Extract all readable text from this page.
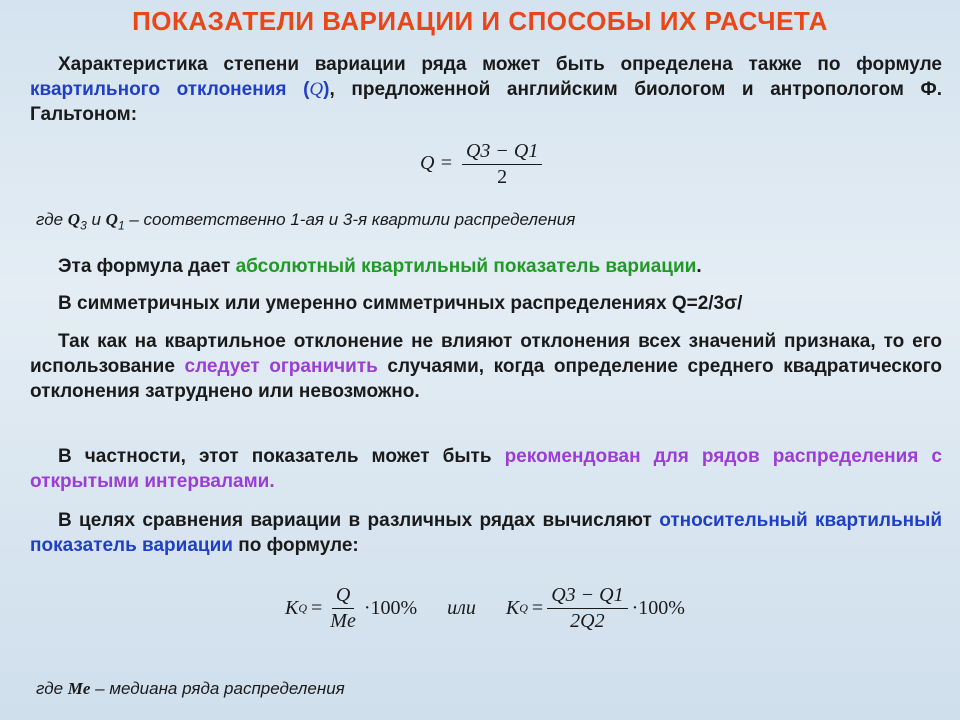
ПОКАЗАТЕЛИ ВАРИАЦИИ И СПОСОБЫ ИХ РАСЧЕТА
Характеристика степени вариации ряда может быть определена также по формуле квартильного отклонения (Q), предложенной английским биологом и антропологом Ф. Гальтоном:
$Q = \frac{Q3 - Q1}{2}$
где $Q_3$ и $Q_1$ – соответственно 1-ая и 3-я квартили распределения
Эта формула дает абсолютный квартильный показатель вариации.
В симметричных или умеренно симметричных распределениях Q=2/3σ/
Так как на квартильное отклонение не влияют отклонения всех значений признака, то его использование следует ограничить случаями, когда определение среднего квадратического отклонения затруднено или невозможно.
В частности, этот показатель может быть рекомендован для рядов распределения с открытыми интервалами.
В целях сравнения вариации в различных рядах вычисляют относительный квартильный показатель вариации по формуле:
K $Q = \frac{Q}{Me} \cdot 100\%$ или K $Q = \frac{Q3 - Q1}{2Q2} \cdot 100\%$
где Me – медиана ряда распределения
